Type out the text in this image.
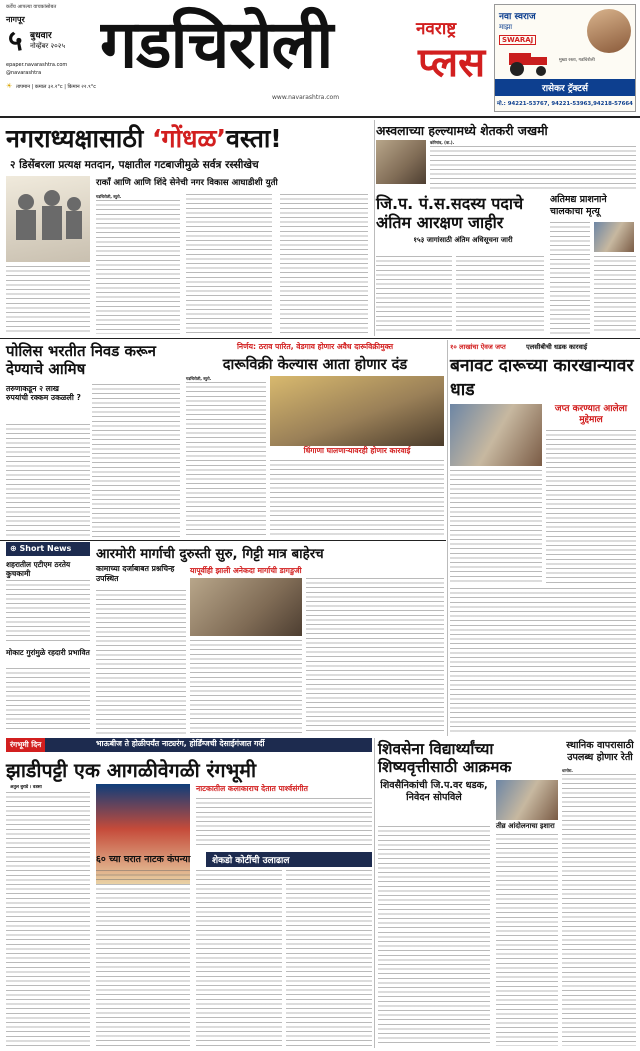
कर्वेंच आपल्या वाचकांसोबत
नागपूर
५ बुधवार
नोव्हेंबर २०२५
epaper.navarashtra.com
@navarashtra
☀ तापमान | कमाल ३२.२°c | किमान २२.९°c
गडचिरोली	नवराष्ट्र
प्लस
www.navarashtra.com
नवा स्वराज
माझा
SWARAJ
रासेकर ट्रॅक्टर्स
मुख्य रस्ता, गडचिरोली
मो.: 94221-53767, 94221-53963,94218-57664
नगराध्यक्षासाठी ‘गोंधळ’वस्ता!
२ डिसेंबरला प्रत्यक्ष मतदान, पक्षातील गटबाजीमुळे सर्वत्र रस्सीखेच
राकाँ आणि आणि शिंदे सेनेची नगर विकास आघाडीशी युती
गडचिरोली, ब्युरो.
अस्वलाच्या हल्ल्यामध्ये शेतकरी जखमी
कोरेगांव, (वा.).
जि.प. पं.स.सदस्य पदाचे अंतिम आरक्षण जाहीर
१५३ जागांसाठी अंतिम अधिसूचना जारी
अतिमद्य प्राशनाने चालकाचा मृत्यू
पोलिस भरतीत निवड करून देण्याचे आमिष
तरुणाकडून २ लाख रुपयांची रक्कम उकळली ?
निर्णय: ठराव पारित, वेडगाव होणार अवैध दारूविक्रीमुक्त
दारूविक्री केल्यास आता होणार दंड
गडचिरोली, ब्युरो.
धिंगाणा घालणाऱ्यावरही होणार कारवाई
१० लाखांचा ऐवज जप्त	एलसीबीची धडक कारवाई
बनावट दारूच्या कारखान्यावर धाड
जप्त करण्यात आलेला मुद्देमाल
⊕ Short News
शहरातील एटीएम ठरतेय कुचकामी
मोकाट गुरांमुळे रहदारी प्रभावित
आरमोरी मार्गाची दुरुस्ती सुरु, गिट्टी मात्र बाहेरच
कामाच्या दर्जाबाबत प्रश्नचिन्ह उपस्थित
यापूर्वीही झाली अनेकदा मार्गाची डागडुजी
रंगभूमी दिन	भाऊबीज ते होळीपर्यंत नाट्यरंग, होर्डिंग्जची देसाईगंजात गर्दी
झाडीपट्टी एक आगळीवेगळी रंगभूमी
अतुल बुराडे । वडसा	नाटकातील कलाकाराच देतात पार्श्वसंगीत
६० च्या घरात नाटक कंपन्या	शेकडो कोटींची उलाढाल
शिवसेना विद्यार्थ्यांच्या शिष्यवृत्तीसाठी आक्रमक
शिवसैनिकांची जि.प.वर धडक, निवेदन सोपविले
तीव्र आंदोलनाचा इशारा
स्थानिक वापरासाठी उपलब्ध होणार रेती
धानोरा.
